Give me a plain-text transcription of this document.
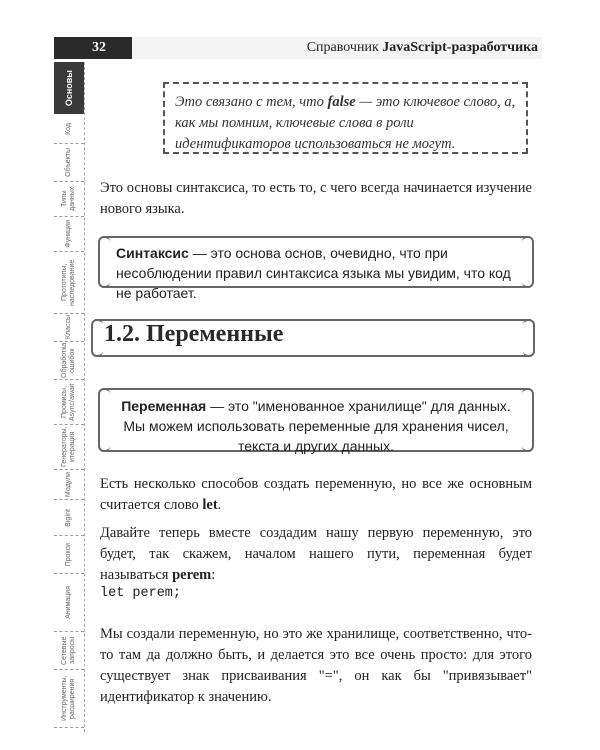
32	Справочник JavaScript-разработчика
Основы
Код
Объекты
Типы данных
Функции
Прототипы, наследование
Классы
Обработка ошибок
Промисы, Async/await
Генераторы, итерация
Модули
BigInt
Прокси
Анимация
Сетевые запросы
Инструменты, расширения
Это связано с тем, что false — это ключевое слово, а, как мы помним, ключевые слова в роли идентификаторов использоваться не могут.
Это основы синтаксиса, то есть то, с чего всегда начинается изучение нового языка.
Синтаксис — это основа основ, очевидно, что при несоблюдении правил синтаксиса языка мы увидим, что код не работает.
1.2. Переменные
Переменная — это "именованное хранилище" для данных. Мы можем использовать переменные для хранения чисел, текста и других данных.
Есть несколько способов создать переменную, но все же основным считается слово let.
Давайте теперь вместе создадим нашу первую переменную, это будет, так скажем, началом нашего пути, переменная будет называться perem:
let perem;
Мы создали переменную, но это же хранилище, соответственно, что-то там да должно быть, и делается это все очень просто: для этого существует знак присваивания "=", он как бы "привязывает" идентификатор к значению.
